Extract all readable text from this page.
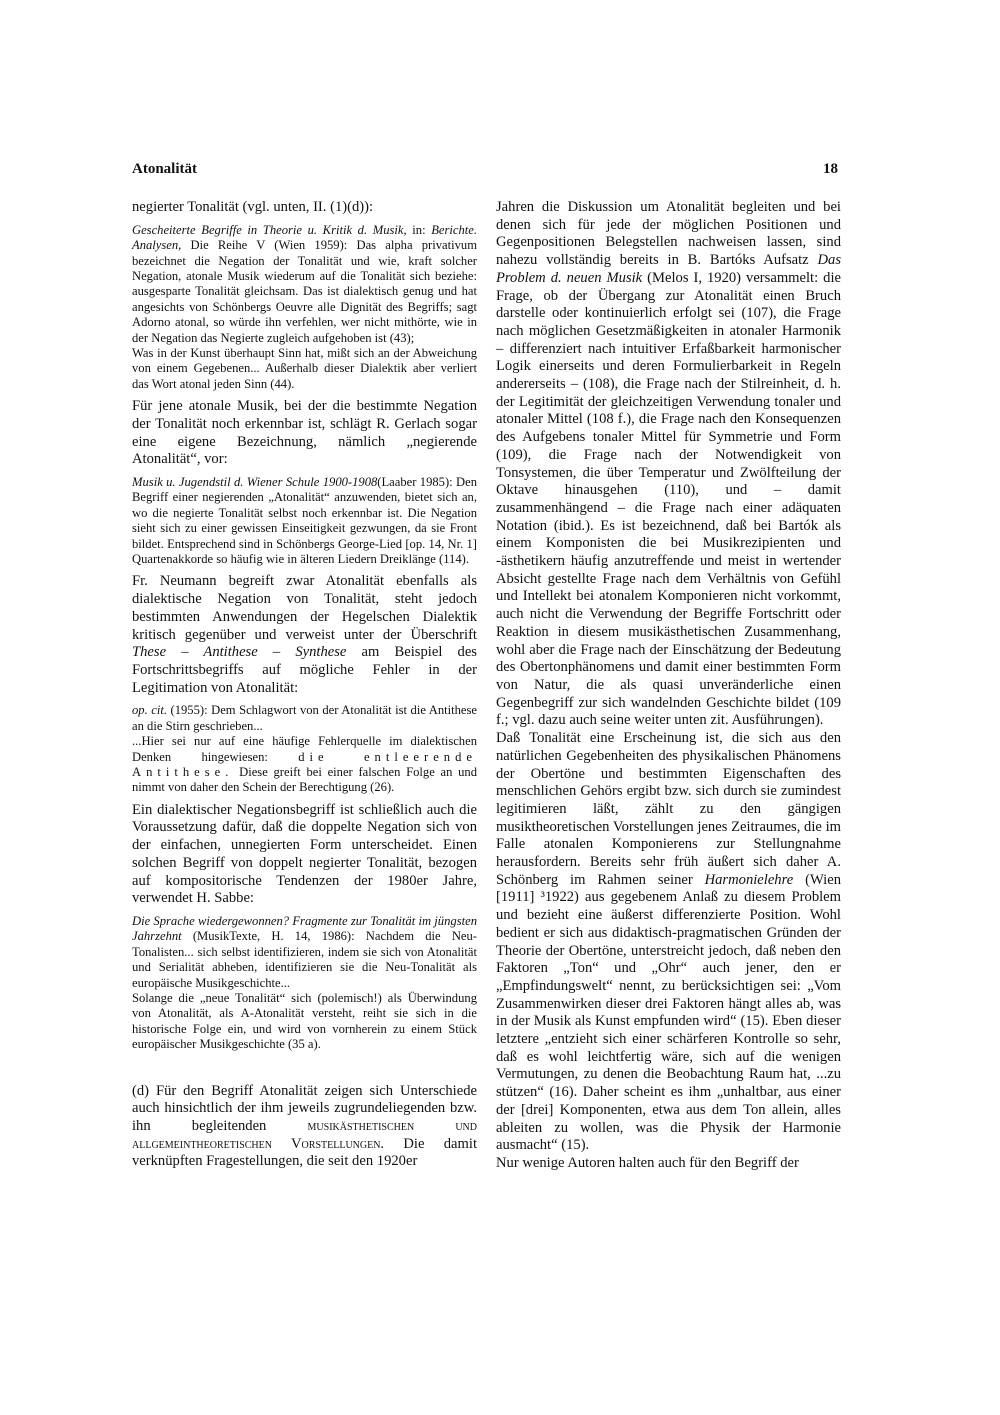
Atonalität	18

negierter Tonalität (vgl. unten, II. (1)(d)):

Gescheiterte Begriffe in Theorie u. Kritik d. Musik, in: Berichte. Analysen, Die Reihe V (Wien 1959): Das alpha privativum bezeichnet die Negation der Tonalität und wie, kraft solcher Negation, atonale Musik wiederum auf die Tonalität sich beziehe: ausgesparte Tonalität gleichsam. Das ist dialektisch genug und hat angesichts von Schönbergs Oeuvre alle Dignität des Begriffs; sagt Adorno atonal, so würde ihn verfehlen, wer nicht mithörte, wie in der Negation das Negierte zugleich aufgehoben ist (43);

Was in der Kunst überhaupt Sinn hat, mißt sich an der Abweichung von einem Gegebenen... Außerhalb dieser Dialektik aber verliert das Wort atonal jeden Sinn (44).

Für jene atonale Musik, bei der die bestimmte Negation der Tonalität noch erkennbar ist, schlägt R. Gerlach sogar eine eigene Bezeichnung, nämlich „negierende Atonalität“, vor:

Musik u. Jugendstil d. Wiener Schule 1900-1908(Laaber 1985): Den Begriff einer negierenden „Atonalität“ anzuwenden, bietet sich an, wo die negierte Tonalität selbst noch erkennbar ist. Die Negation sieht sich zu einer gewissen Einseitigkeit gezwungen, da sie Front bildet. Entsprechend sind in Schönbergs George-Lied [op. 14, Nr. 1] Quartenakkorde so häufig wie in älteren Liedern Dreiklänge (114).

Fr. Neumann begreift zwar Atonalität ebenfalls als dialektische Negation von Tonalität, steht jedoch bestimmten Anwendungen der Hegelschen Dialektik kritisch gegenüber und verweist unter der Überschrift These – Antithese – Synthese am Beispiel des Fortschrittsbegriffs auf mögliche Fehler in der Legitimation von Atonalität:

op. cit. (1955): Dem Schlagwort von der Atonalität ist die Antithese an die Stirn geschrieben...

...Hier sei nur auf eine häufige Fehlerquelle im dialektischen Denken hingewiesen: die entleerende Antithese. Diese greift bei einer falschen Folge an und nimmt von daher den Schein der Berechtigung (26).

Ein dialektischer Negationsbegriff ist schließlich auch die Voraussetzung dafür, daß die doppelte Negation sich von der einfachen, unnegierten Form unterscheidet. Einen solchen Begriff von doppelt negierter Tonalität, bezogen auf kompositorische Tendenzen der 1980er Jahre, verwendet H. Sabbe:

Die Sprache wiedergewonnen? Fragmente zur Tonalität im jüngsten Jahrzehnt (MusikTexte, H. 14, 1986): Nachdem die Neu-Tonalisten... sich selbst identifizieren, indem sie sich von Atonalität und Serialität abheben, identifizieren sie die Neu-Tonalität als europäische Musikgeschichte...

Solange die „neue Tonalität“ sich (polemisch!) als Überwindung von Atonalität, als A-Atonalität versteht, reiht sie sich in die historische Folge ein, und wird von vornherein zu einem Stück europäischer Musikgeschichte (35 a).

(d) Für den Begriff Atonalität zeigen sich Unterschiede auch hinsichtlich der ihm jeweils zugrundeliegenden bzw. ihn begleitenden musikästhetischen und allgemeintheoretischen Vorstellungen. Die damit verknüpften Fragestellungen, die seit den 1920er

Jahren die Diskussion um Atonalität begleiten und bei denen sich für jede der möglichen Positionen und Gegenpositionen Belegstellen nachweisen lassen, sind nahezu vollständig bereits in B. Bartóks Aufsatz Das Problem d. neuen Musik (Melos I, 1920) versammelt: die Frage, ob der Übergang zur Atonalität einen Bruch darstelle oder kontinuierlich erfolgt sei (107), die Frage nach möglichen Gesetzmäßigkeiten in atonaler Harmonik – differenziert nach intuitiver Erfaßbarkeit harmonischer Logik einerseits und deren Formulierbarkeit in Regeln andererseits – (108), die Frage nach der Stilreinheit, d. h. der Legitimität der gleichzeitigen Verwendung tonaler und atonaler Mittel (108 f.), die Frage nach den Konsequenzen des Aufgebens tonaler Mittel für Symmetrie und Form (109), die Frage nach der Notwendigkeit von Tonsystemen, die über Temperatur und Zwölfteilung der Oktave hinausgehen (110), und – damit zusammenhängend – die Frage nach einer adäquaten Notation (ibid.). Es ist bezeichnend, daß bei Bartók als einem Komponisten die bei Musikrezipienten und -ästhetikern häufig anzutreffende und meist in wertender Absicht gestellte Frage nach dem Verhältnis von Gefühl und Intellekt bei atonalem Komponieren nicht vorkommt, auch nicht die Verwendung der Begriffe Fortschritt oder Reaktion in diesem musikästhetischen Zusammenhang, wohl aber die Frage nach der Einschätzung der Bedeutung des Obertonphänomens und damit einer bestimmten Form von Natur, die als quasi unveränderliche einen Gegenbegriff zur sich wandelnden Geschichte bildet (109 f.; vgl. dazu auch seine weiter unten zit. Ausführungen).

Daß Tonalität eine Erscheinung ist, die sich aus den natürlichen Gegebenheiten des physikalischen Phänomens der Obertöne und bestimmten Eigenschaften des menschlichen Gehörs ergibt bzw. sich durch sie zumindest legitimieren läßt, zählt zu den gängigen musiktheoretischen Vorstellungen jenes Zeitraumes, die im Falle atonalen Komponierens zur Stellungnahme herausfordern. Bereits sehr früh äußert sich daher A. Schönberg im Rahmen seiner Harmonielehre (Wien [1911] ³1922) aus gegebenem Anlaß zu diesem Problem und bezieht eine äußerst differenzierte Position. Wohl bedient er sich aus didaktisch-pragmatischen Gründen der Theorie der Obertöne, unterstreicht jedoch, daß neben den Faktoren „Ton“ und „Ohr“ auch jener, den er „Empfindungswelt“ nennt, zu berücksichtigen sei: „Vom Zusammenwirken dieser drei Faktoren hängt alles ab, was in der Musik als Kunst empfunden wird“ (15). Eben dieser letztere „entzieht sich einer schärferen Kontrolle so sehr, daß es wohl leichtfertig wäre, sich auf die wenigen Vermutungen, zu denen die Beobachtung Raum hat, ...zu stützen“ (16). Daher scheint es ihm „unhaltbar, aus einer der [drei] Komponenten, etwa aus dem Ton allein, alles ableiten zu wollen, was die Physik der Harmonie ausmacht“ (15).

Nur wenige Autoren halten auch für den Begriff der
